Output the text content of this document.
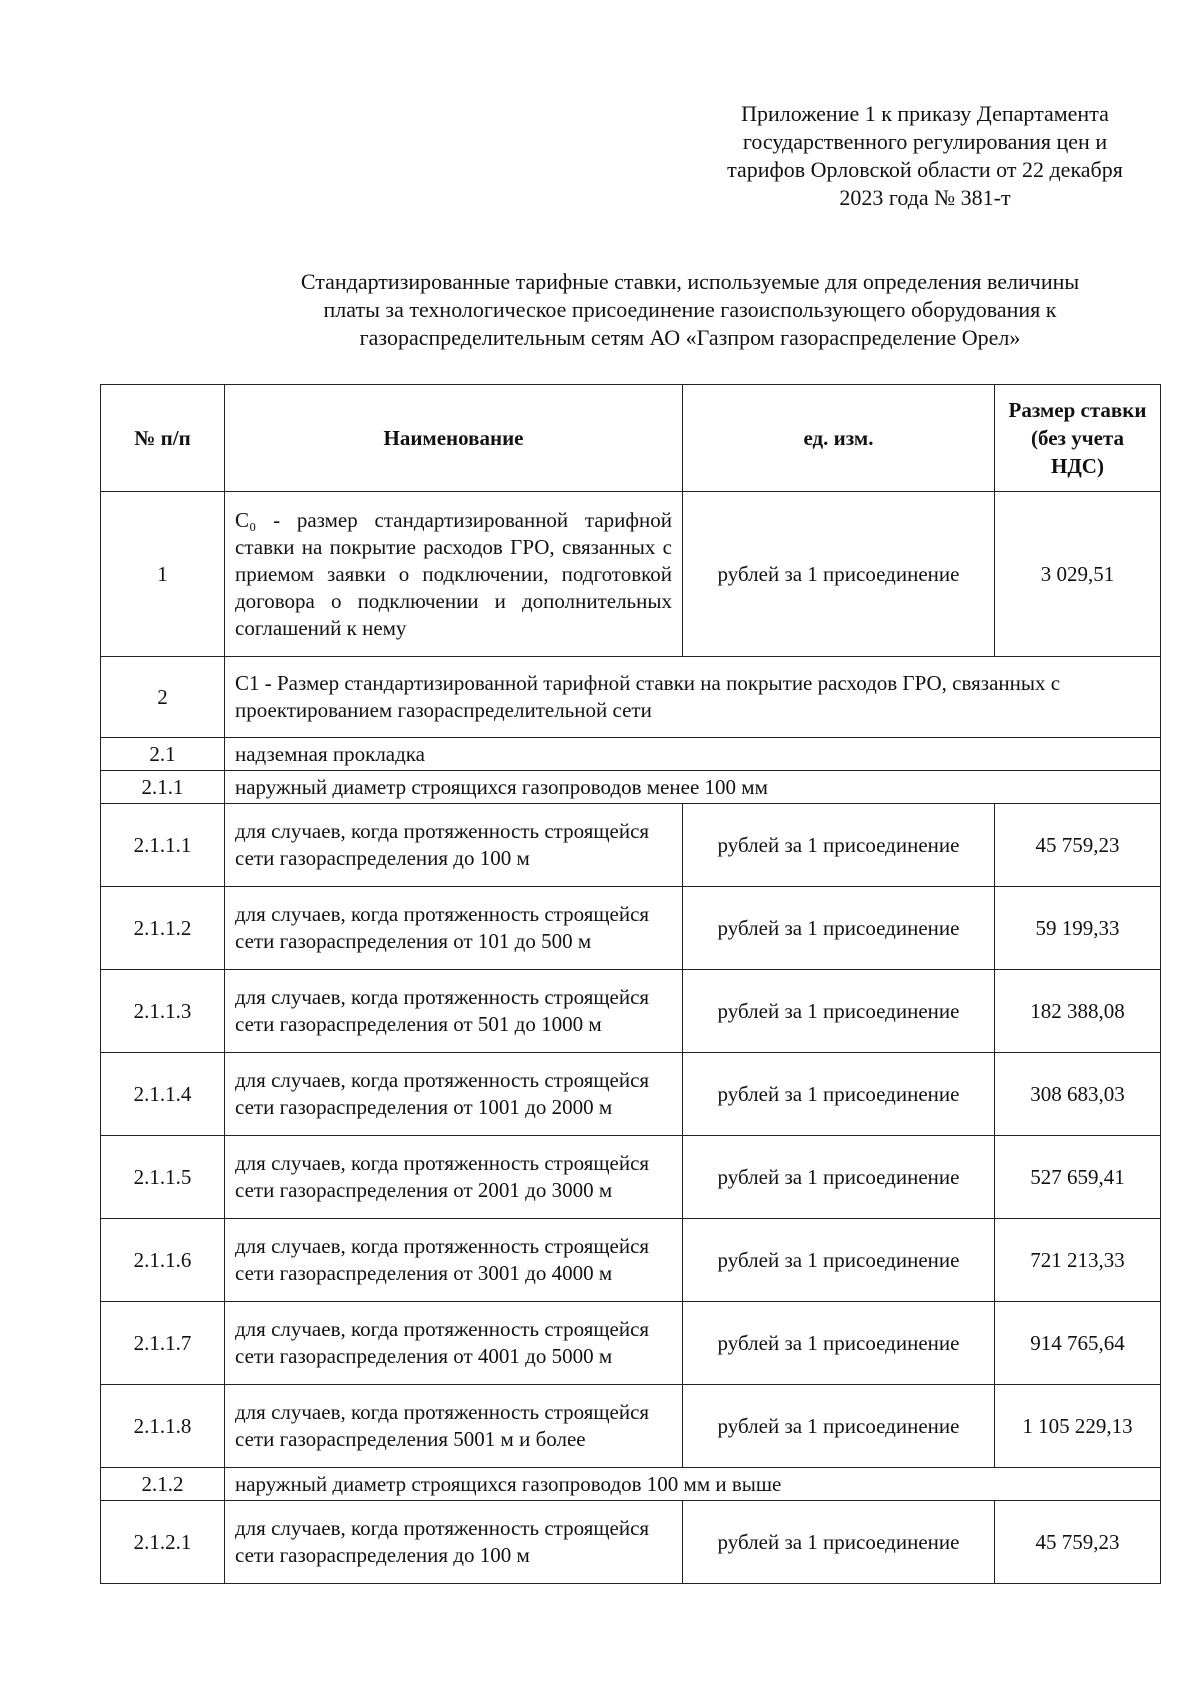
Приложение 1 к приказу Департамента
государственного регулирования цен и
тарифов Орловской области от 22 декабря
2023 года № 381-т
Стандартизированные тарифные ставки, используемые для определения величины
платы за технологическое присоединение газоиспользующего оборудования к
газораспределительным сетям АО «Газпром газораспределение Орел»
№ п/п	Наименование	ед. изм.	Размер ставки (без учета НДС)
1	С₀ - размер стандартизированной тарифной ставки на покрытие расходов ГРО, связанных с приемом заявки о подключении, подготовкой договора о подключении и дополнительных соглашений к нему	рублей за 1 присоединение	3 029,51
2	С1 - Размер стандартизированной тарифной ставки на покрытие расходов ГРО, связанных с проектированием газораспределительной сети		
2.1	надземная прокладка		
2.1.1	наружный диаметр строящихся газопроводов менее 100 мм		
2.1.1.1	для случаев, когда протяженность строящейся сети газораспределения до 100 м	рублей за 1 присоединение	45 759,23
2.1.1.2	для случаев, когда протяженность строящейся сети газораспределения от 101 до 500 м	рублей за 1 присоединение	59 199,33
2.1.1.3	для случаев, когда протяженность строящейся сети газораспределения от 501 до 1000 м	рублей за 1 присоединение	182 388,08
2.1.1.4	для случаев, когда протяженность строящейся сети газораспределения от 1001 до 2000 м	рублей за 1 присоединение	308 683,03
2.1.1.5	для случаев, когда протяженность строящейся сети газораспределения от 2001 до 3000 м	рублей за 1 присоединение	527 659,41
2.1.1.6	для случаев, когда протяженность строящейся сети газораспределения от 3001 до 4000 м	рублей за 1 присоединение	721 213,33
2.1.1.7	для случаев, когда протяженность строящейся сети газораспределения от 4001 до 5000 м	рублей за 1 присоединение	914 765,64
2.1.1.8	для случаев, когда протяженность строящейся сети газораспределения 5001 м и более	рублей за 1 присоединение	1 105 229,13
2.1.2	наружный диаметр строящихся газопроводов 100 мм и выше		
2.1.2.1	для случаев, когда протяженность строящейся сети газораспределения до 100 м	рублей за 1 присоединение	45 759,23
